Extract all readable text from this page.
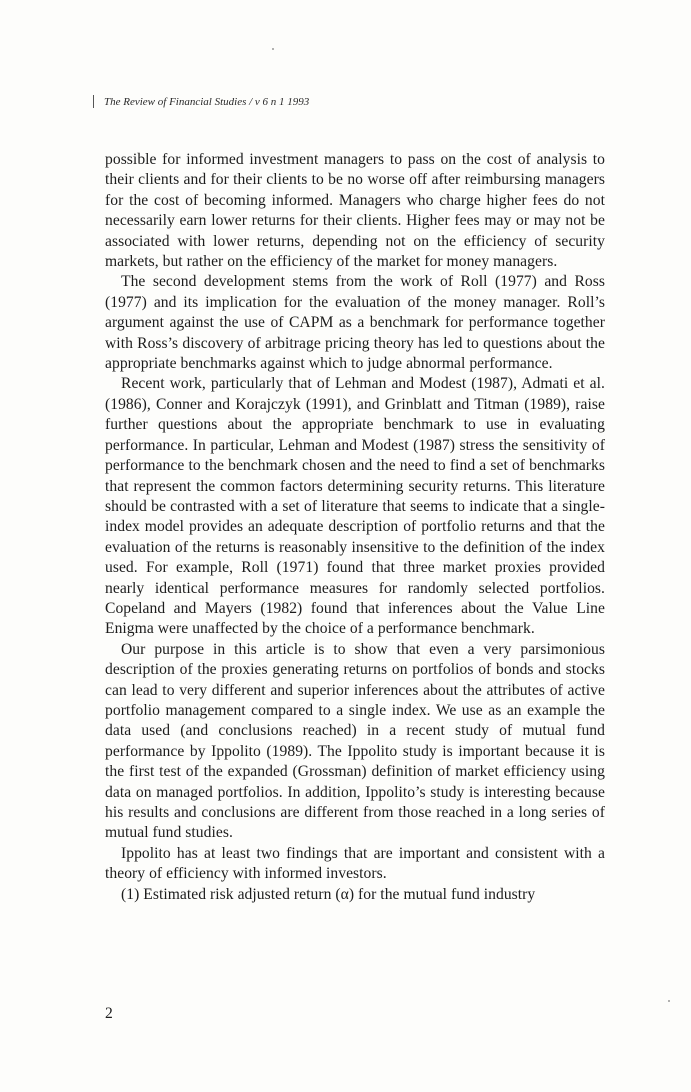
The Review of Financial Studies / v 6 n 1 1993

possible for informed investment managers to pass on the cost of analysis to their clients and for their clients to be no worse off after reimbursing managers for the cost of becoming informed. Managers who charge higher fees do not necessarily earn lower returns for their clients. Higher fees may or may not be associated with lower returns, depending not on the efficiency of security markets, but rather on the efficiency of the market for money managers.

The second development stems from the work of Roll (1977) and Ross (1977) and its implication for the evaluation of the money manager. Roll’s argument against the use of CAPM as a benchmark for performance together with Ross’s discovery of arbitrage pricing theory has led to questions about the appropriate benchmarks against which to judge abnormal performance.

Recent work, particularly that of Lehman and Modest (1987), Admati et al. (1986), Conner and Korajczyk (1991), and Grinblatt and Titman (1989), raise further questions about the appropriate benchmark to use in evaluating performance. In particular, Lehman and Modest (1987) stress the sensitivity of performance to the benchmark chosen and the need to find a set of benchmarks that represent the common factors determining security returns. This literature should be contrasted with a set of literature that seems to indicate that a single-index model provides an adequate description of portfolio returns and that the evaluation of the returns is reasonably insensitive to the definition of the index used. For example, Roll (1971) found that three market proxies provided nearly identical performance measures for randomly selected portfolios. Copeland and Mayers (1982) found that inferences about the Value Line Enigma were unaffected by the choice of a performance benchmark.

Our purpose in this article is to show that even a very parsimonious description of the proxies generating returns on portfolios of bonds and stocks can lead to very different and superior inferences about the attributes of active portfolio management compared to a single index. We use as an example the data used (and conclusions reached) in a recent study of mutual fund performance by Ippolito (1989). The Ippolito study is important because it is the first test of the expanded (Grossman) definition of market efficiency using data on managed portfolios. In addition, Ippolito’s study is interesting because his results and conclusions are different from those reached in a long series of mutual fund studies.

Ippolito has at least two findings that are important and consistent with a theory of efficiency with informed investors.

(1) Estimated risk adjusted return (α) for the mutual fund industry

2
